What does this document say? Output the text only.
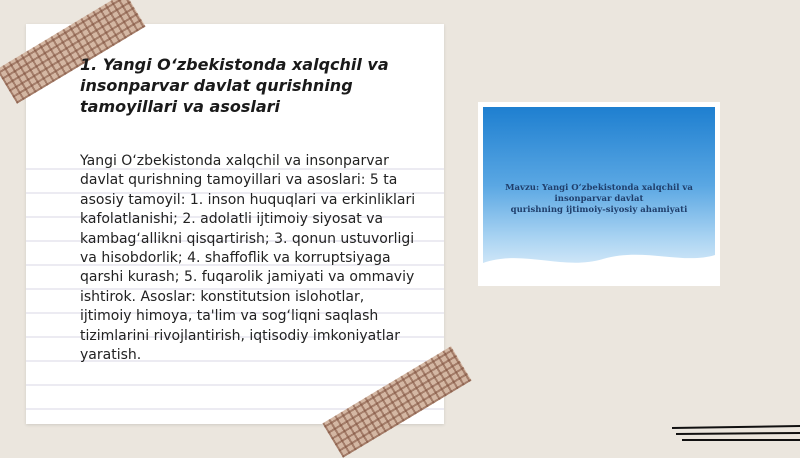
1. Yangi O‘zbekistonda xalqchil va insonparvar davlat qurishning tamoyillari va asoslari

Yangi O‘zbekistonda xalqchil va insonparvar davlat qurishning tamoyillari va asoslari: 5 ta asosiy tamoyil: 1. inson huquqlari va erkinliklari kafolatlanishi; 2. adolatli ijtimoiy siyosat va kambag‘allikni qisqartirish; 3. qonun ustuvorligi va hisobdorlik; 4. shaffoflik va korruptsiyaga qarshi kurash; 5. fuqarolik jamiyati va ommaviy ishtirok. Asoslar: konstitutsion islohotlar, ijtimoiy himoya, ta'lim va sog‘liqni saqlash tizimlarini rivojlantirish, iqtisodiy imkoniyatlar yaratish.

Mavzu: Yangi O‘zbekistonda xalqchil va
insonparvar davlat
qurishning ijtimoiy-siyosiy ahamiyati
